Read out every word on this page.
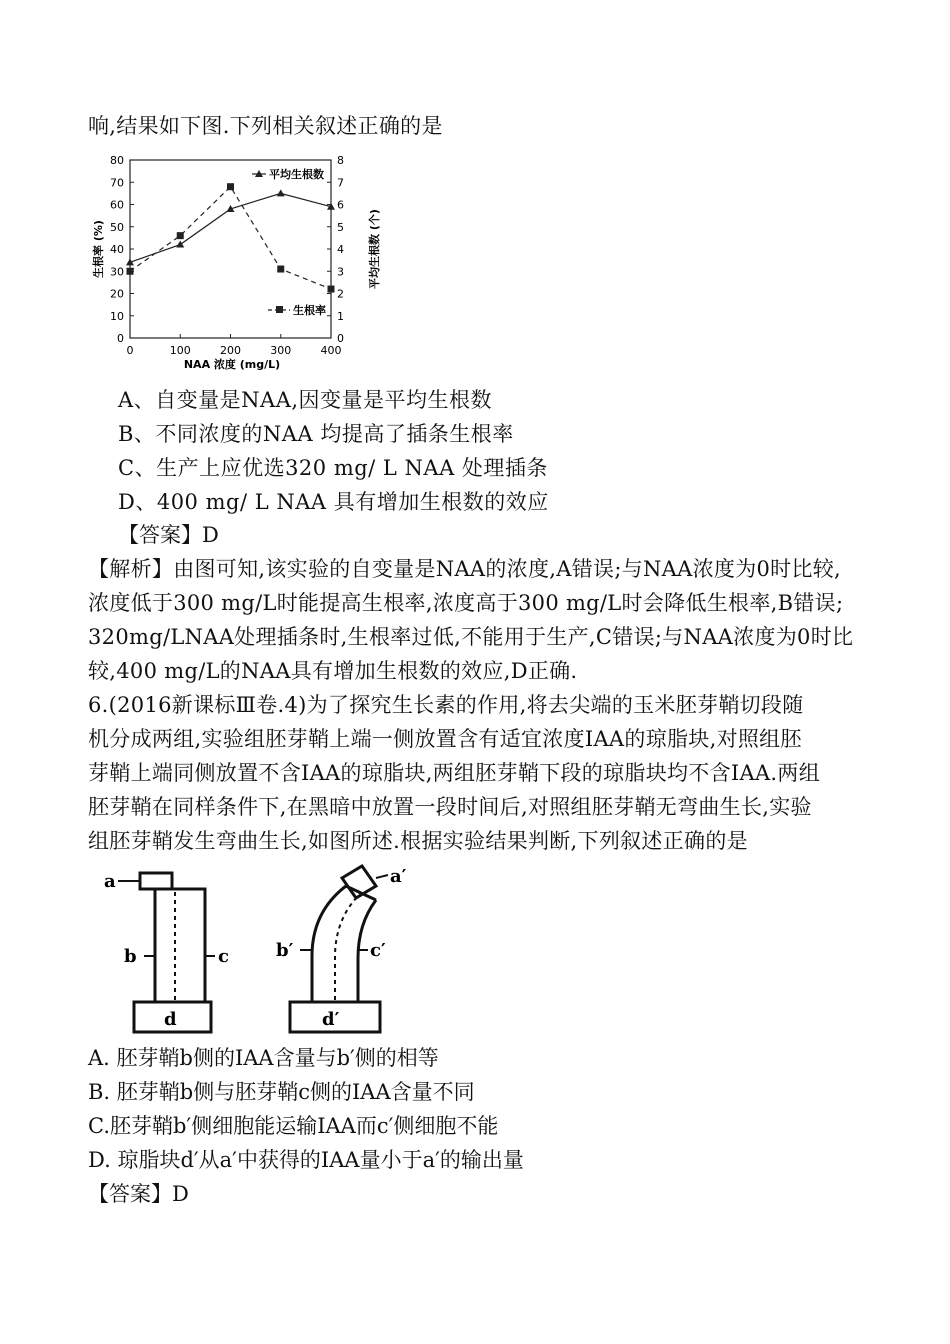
响,结果如下图.下列相关叙述正确的是
0
10
20
30
40
50
60
70
80
0
1
2
3
4
5
6
7
8
0	100	200	300	400
平均生根数
生根率
NAA 浓度 (mg/L)
生根率 (%)	平均生根数 (个)
A、自变量是NAA,因变量是平均生根数
B、不同浓度的NAA 均提高了插条生根率
C、生产上应优选320 mg/ L NAA 处理插条
D、400 mg/ L NAA 具有增加生根数的效应
【答案】D
【解析】由图可知,该实验的自变量是NAA的浓度,A错误;与NAA浓度为0时比较,
浓度低于300 mg/L时能提高生根率,浓度高于300 mg/L时会降低生根率,B错误;
320mg/LNAA处理插条时,生根率过低,不能用于生产,C错误;与NAA浓度为0时比
较,400 mg/L的NAA具有增加生根数的效应,D正确.
6.(2016新课标Ⅲ卷.4)为了探究生长素的作用,将去尖端的玉米胚芽鞘切段随
机分成两组,实验组胚芽鞘上端一侧放置含有适宜浓度IAA的琼脂块,对照组胚
芽鞘上端同侧放置不含IAA的琼脂块,两组胚芽鞘下段的琼脂块均不含IAA.两组
胚芽鞘在同样条件下,在黑暗中放置一段时间后,对照组胚芽鞘无弯曲生长,实验
组胚芽鞘发生弯曲生长,如图所述.根据实验结果判断,下列叙述正确的是
a
b	c
d
a′
b′	c′
d′
A. 胚芽鞘b侧的IAA含量与b′侧的相等
B. 胚芽鞘b侧与胚芽鞘c侧的IAA含量不同
C.胚芽鞘b′侧细胞能运输IAA而c′侧细胞不能
D. 琼脂块d′从a′中获得的IAA量小于a′的输出量
【答案】D
